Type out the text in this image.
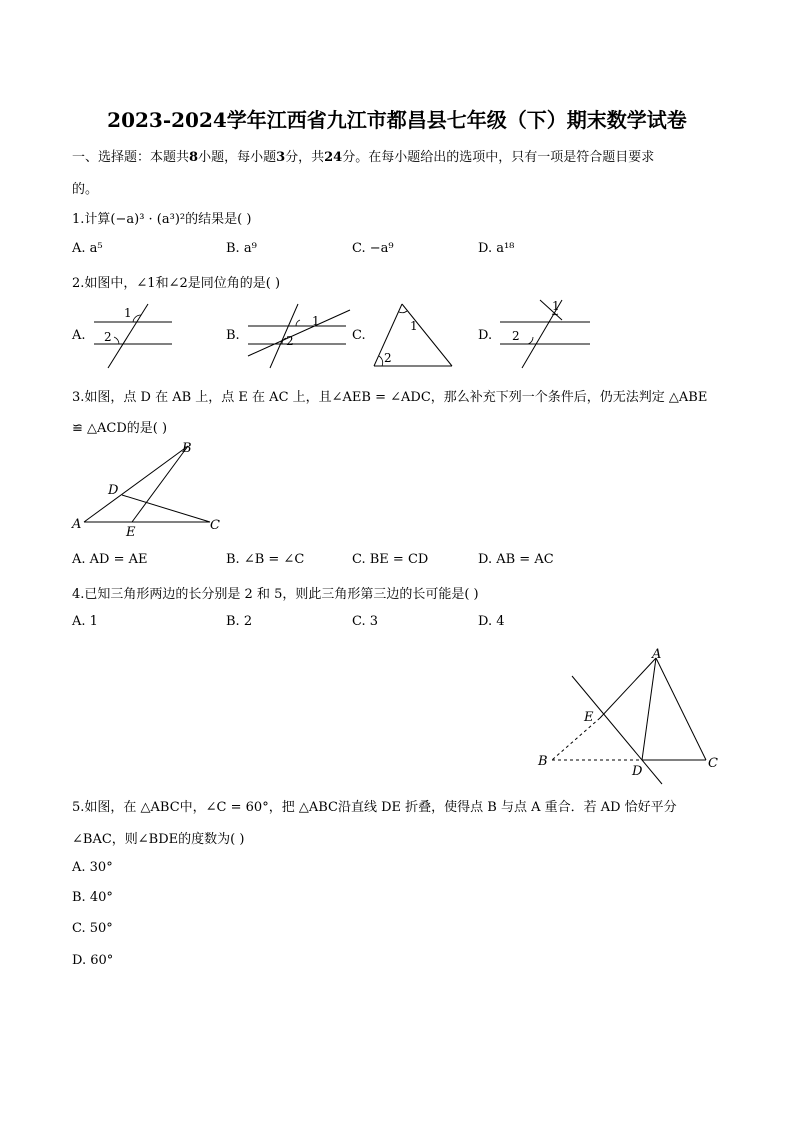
2023-2024学年江西省九江市都昌县七年级（下）期末数学试卷
一、选择题：本题共8小题，每小题3分，共24分。在每小题给出的选项中，只有一项是符合题目要求
的。
1.计算(−a)³ · (a³)²的结果是( )
A. a⁵	B. a⁹	C. −a⁹	D. a¹⁸
2.如图中，∠1和∠2是同位角的是( )
A.	B.	C.	D.
1
2
1
2
1
2
1
2
3.如图，点 D 在 AB 上，点 E 在 AC 上，且∠AEB = ∠ADC，那么补充下列一个条件后，仍无法判定 △ABE
≌ △ACD的是( )
A
B
C
D
E
A. AD = AE	B. ∠B = ∠C	C. BE = CD	D. AB = AC
4.已知三角形两边的长分别是 2 和 5，则此三角形第三边的长可能是( )
A. 1	B. 2	C. 3	D. 4
A
B	C
D
E
5.如图，在 △ABC中，∠C = 60°，把 △ABC沿直线 DE 折叠，使得点 B 与点 A 重合．若 AD 恰好平分
∠BAC，则∠BDE的度数为( )
A. 30°
B. 40°
C. 50°
D. 60°
